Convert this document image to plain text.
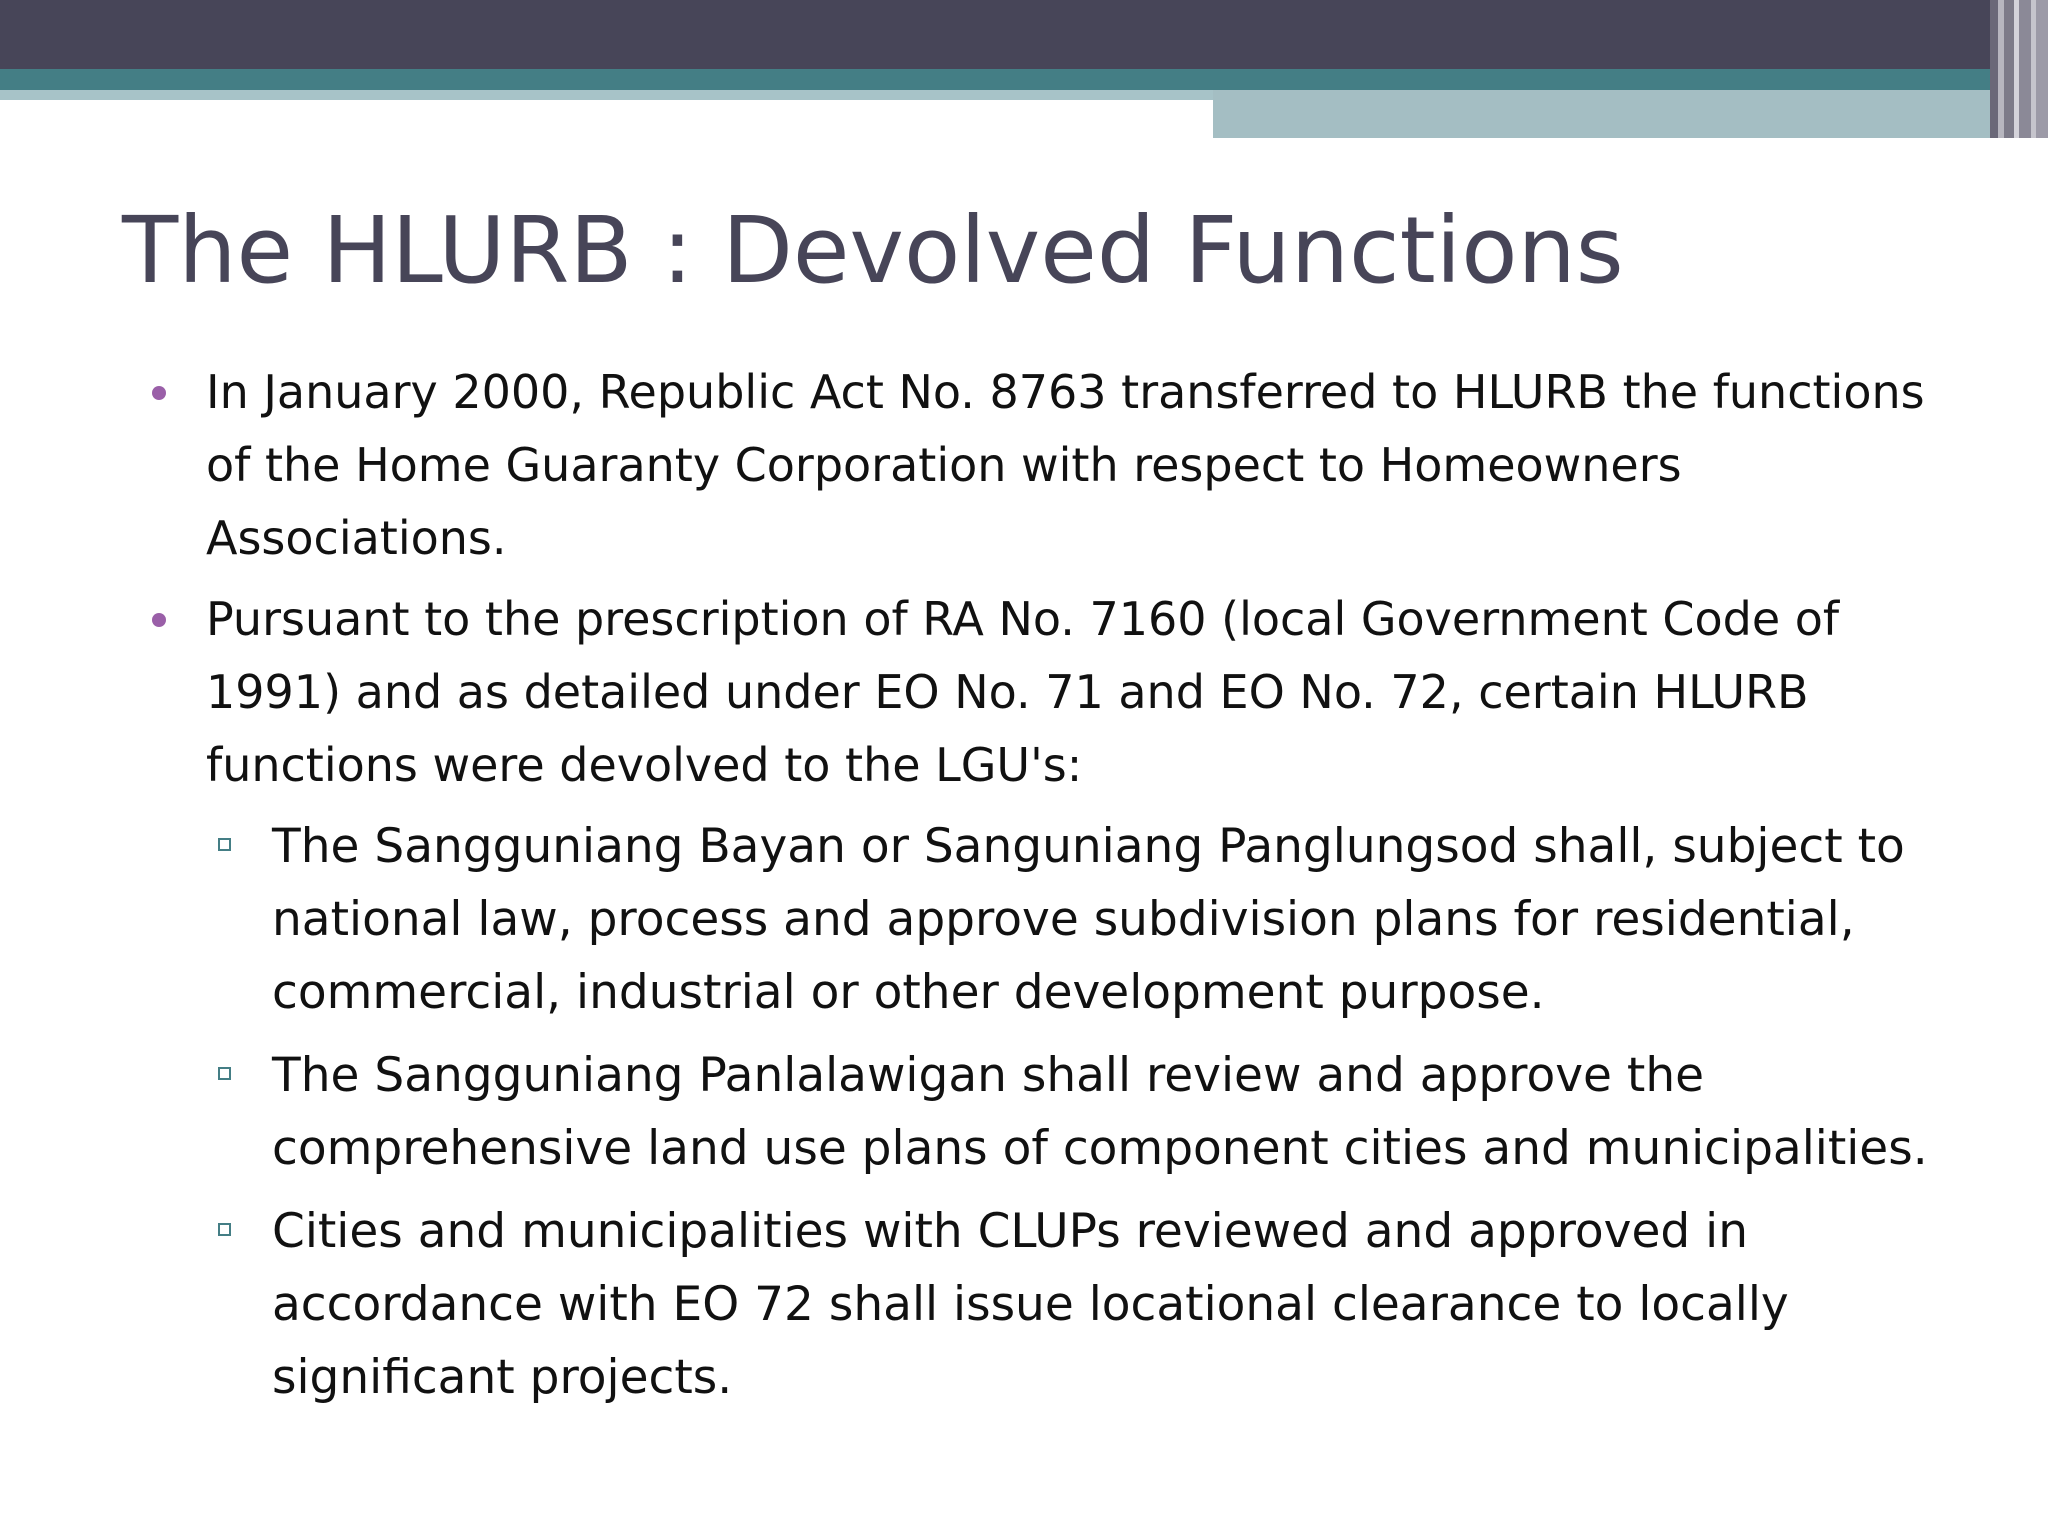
The HLURB : Devolved Functions
In January 2000, Republic Act No. 8763 transferred to HLURB the functions of the Home Guaranty Corporation with respect to Homeowners Associations.
Pursuant to the prescription of RA No. 7160 (local Government Code of 1991) and as detailed under EO No. 71 and EO No. 72, certain HLURB functions were devolved to the LGU's:
The Sangguniang Bayan or Sanguniang Panglungsod shall, subject to national law, process and approve subdivision plans for residential, commercial, industrial or other development purpose.
The Sangguniang Panlalawigan shall review and approve the comprehensive land use plans of component cities and municipalities.
Cities and municipalities with CLUPs reviewed and approved in accordance with EO 72 shall issue locational clearance to locally significant projects.
